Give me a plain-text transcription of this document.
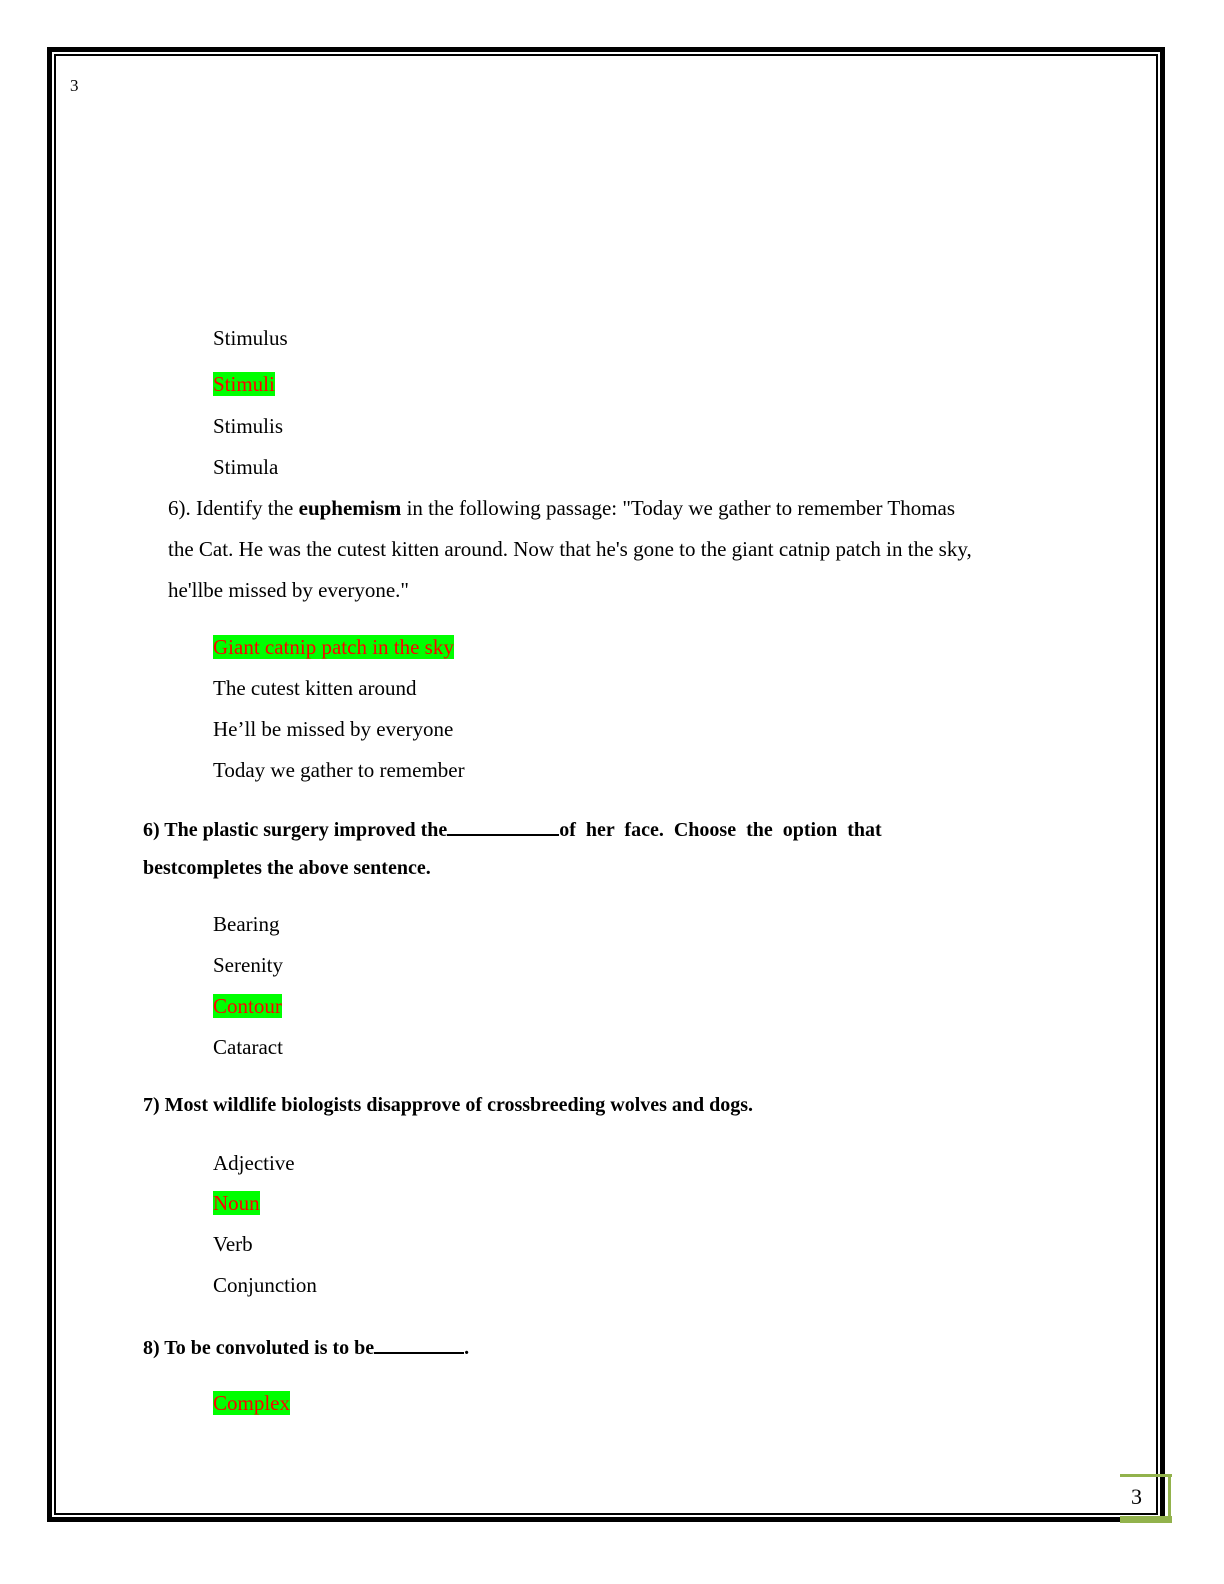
3
Stimulus
Stimuli
Stimulis
Stimula
6). Identify the euphemism in the following passage: "Today we gather to remember Thomas
the Cat. He was the cutest kitten around. Now that he's gone to the giant catnip patch in the sky,
he'llbe missed by everyone."
Giant catnip patch in the sky
The cutest kitten around
He’ll be missed by everyone
Today we gather to remember
6) The plastic surgery improved the	of  her  face.  Choose  the  option  that
bestcompletes the above sentence.
Bearing
Serenity
Contour
Cataract
7) Most wildlife biologists disapprove of crossbreeding wolves and dogs.
Adjective
Noun
Verb
Conjunction
8) To be convoluted is to be	.
Complex
3
